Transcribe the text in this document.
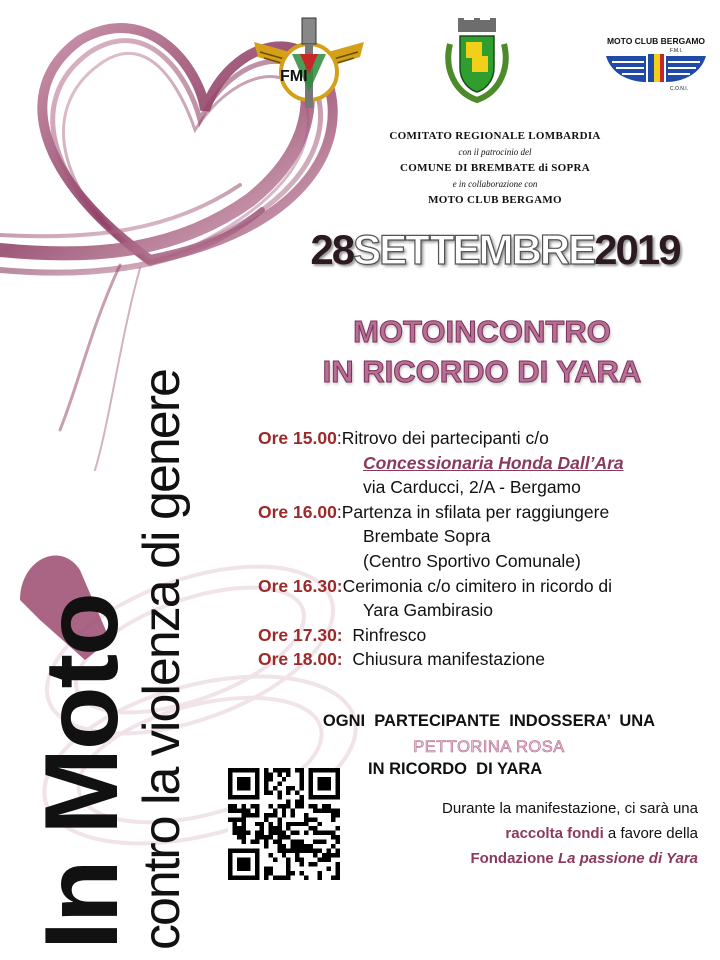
In Moto
contro la violenza di genere
FMI
MOTO CLUB BERGAMO
F.M.I.
C.O.N.I.
COMITATO REGIONALE LOMBARDIA
con il patrocinio del
COMUNE DI BREMBATE di SOPRA
e in collaborazione con
MOTO CLUB BERGAMO
28SETTEMBRE2019
MOTOINCONTRO
IN RICORDO DI YARA
Ore 15.00 : Ritrovo dei partecipanti c/o
Concessionaria Honda Dall’Ara
via Carducci, 2/A - Bergamo
Ore 16.00 : Partenza in sfilata per raggiungere
Brembate Sopra
(Centro Sportivo Comunale)
Ore 16.30: Cerimonia c/o cimitero in ricordo di
Yara Gambirasio
Ore 17.30: Rinfresco
Ore 18.00: Chiusura manifestazione
OGNI  PARTECIPANTE  INDOSSERA’  UNA
PETTORINA ROSA
IN RICORDO  DI YARA
Durante la manifestazione, ci sarà una
raccolta fondi a favore della
Fondazione La passione di Yara
